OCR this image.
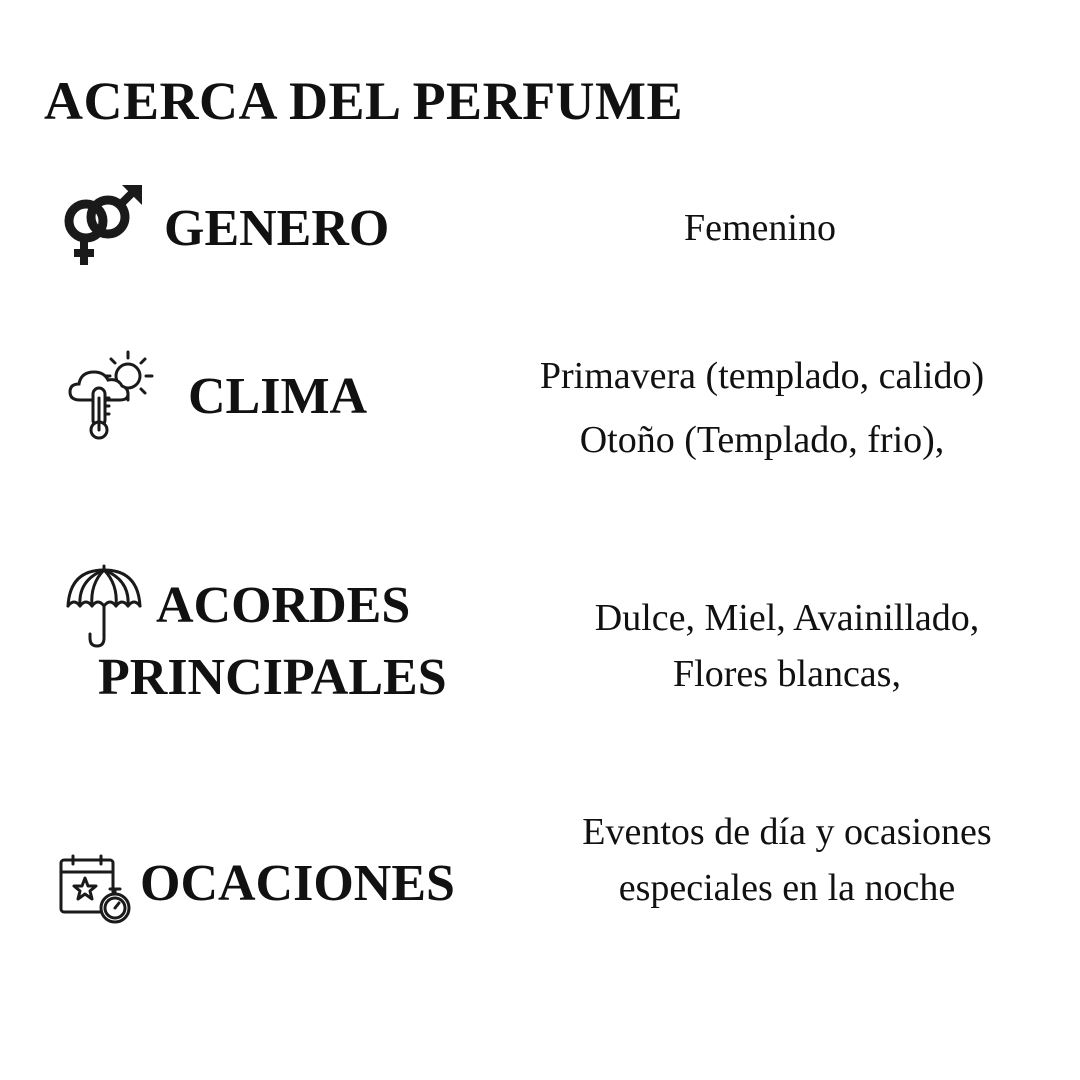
ACERCA DEL PERFUME
GENERO	Femenino
CLIMA	Primavera (templado, calido)
Otoño (Templado, frio),
ACORDES
PRINCIPALES
Dulce, Miel, Avainillado,
Flores blancas,
OCACIONES
Eventos de día y ocasiones
especiales en la noche
